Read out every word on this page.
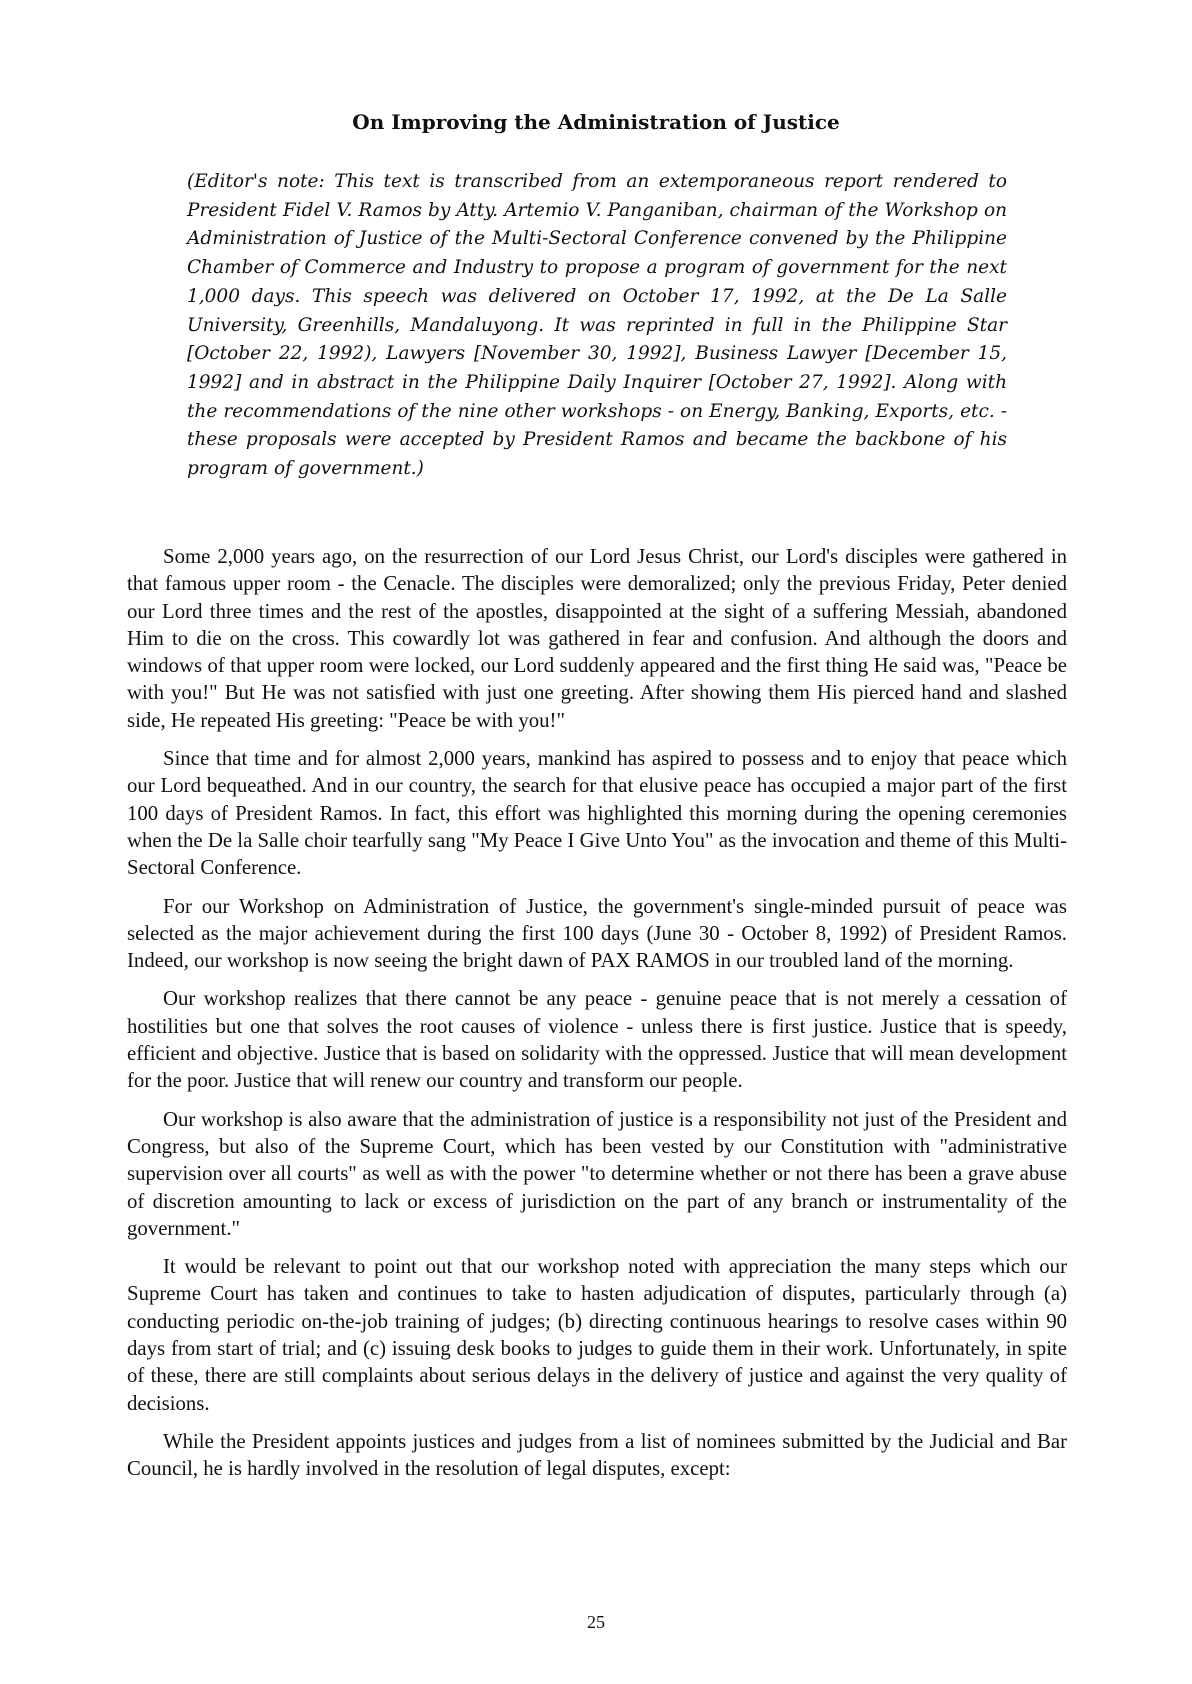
On Improving the Administration of Justice

(Editor's note: This text is transcribed from an extemporaneous report rendered to President Fidel V. Ramos by Atty. Artemio V. Panganiban, chairman of the Workshop on Administration of Justice of the Multi-Sectoral Conference convened by the Philippine Chamber of Commerce and Industry to propose a program of government for the next 1,000 days. This speech was delivered on October 17, 1992, at the De La Salle University, Greenhills, Mandaluyong. It was reprinted in full in the Philippine Star [October 22, 1992), Lawyers [November 30, 1992], Business Lawyer [December 15, 1992] and in abstract in the Philippine Daily Inquirer [October 27, 1992]. Along with the recommendations of the nine other workshops - on Energy, Banking, Exports, etc. - these proposals were accepted by President Ramos and became the backbone of his program of government.)

Some 2,000 years ago, on the resurrection of our Lord Jesus Christ, our Lord's disciples were gathered in that famous upper room - the Cenacle. The disciples were demoralized; only the previous Friday, Peter denied our Lord three times and the rest of the apostles, disappointed at the sight of a suffering Messiah, abandoned Him to die on the cross. This cowardly lot was gathered in fear and confusion. And although the doors and windows of that upper room were locked, our Lord suddenly appeared and the first thing He said was, "Peace be with you!" But He was not satisfied with just one greeting. After showing them His pierced hand and slashed side, He repeated His greeting: "Peace be with you!"

Since that time and for almost 2,000 years, mankind has aspired to possess and to enjoy that peace which our Lord bequeathed. And in our country, the search for that elusive peace has occupied a major part of the first 100 days of President Ramos. In fact, this effort was highlighted this morning during the opening ceremonies when the De la Salle choir tearfully sang "My Peace I Give Unto You" as the invocation and theme of this Multi-Sectoral Conference.

For our Workshop on Administration of Justice, the government's single-minded pursuit of peace was selected as the major achievement during the first 100 days (June 30 - October 8, 1992) of President Ramos. Indeed, our workshop is now seeing the bright dawn of PAX RAMOS in our troubled land of the morning.

Our workshop realizes that there cannot be any peace - genuine peace that is not merely a cessation of hostilities but one that solves the root causes of violence - unless there is first justice. Justice that is speedy, efficient and objective. Justice that is based on solidarity with the oppressed. Justice that will mean development for the poor. Justice that will renew our country and transform our people.

Our workshop is also aware that the administration of justice is a responsibility not just of the President and Congress, but also of the Supreme Court, which has been vested by our Constitution with "administrative supervision over all courts" as well as with the power "to determine whether or not there has been a grave abuse of discretion amounting to lack or excess of jurisdiction on the part of any branch or instrumentality of the government."

It would be relevant to point out that our workshop noted with appreciation the many steps which our Supreme Court has taken and continues to take to hasten adjudication of disputes, particularly through (a) conducting periodic on-the-job training of judges; (b) directing continuous hearings to resolve cases within 90 days from start of trial; and (c) issuing desk books to judges to guide them in their work. Unfortunately, in spite of these, there are still complaints about serious delays in the delivery of justice and against the very quality of decisions.

While the President appoints justices and judges from a list of nominees submitted by the Judicial and Bar Council, he is hardly involved in the resolution of legal disputes, except:

25
